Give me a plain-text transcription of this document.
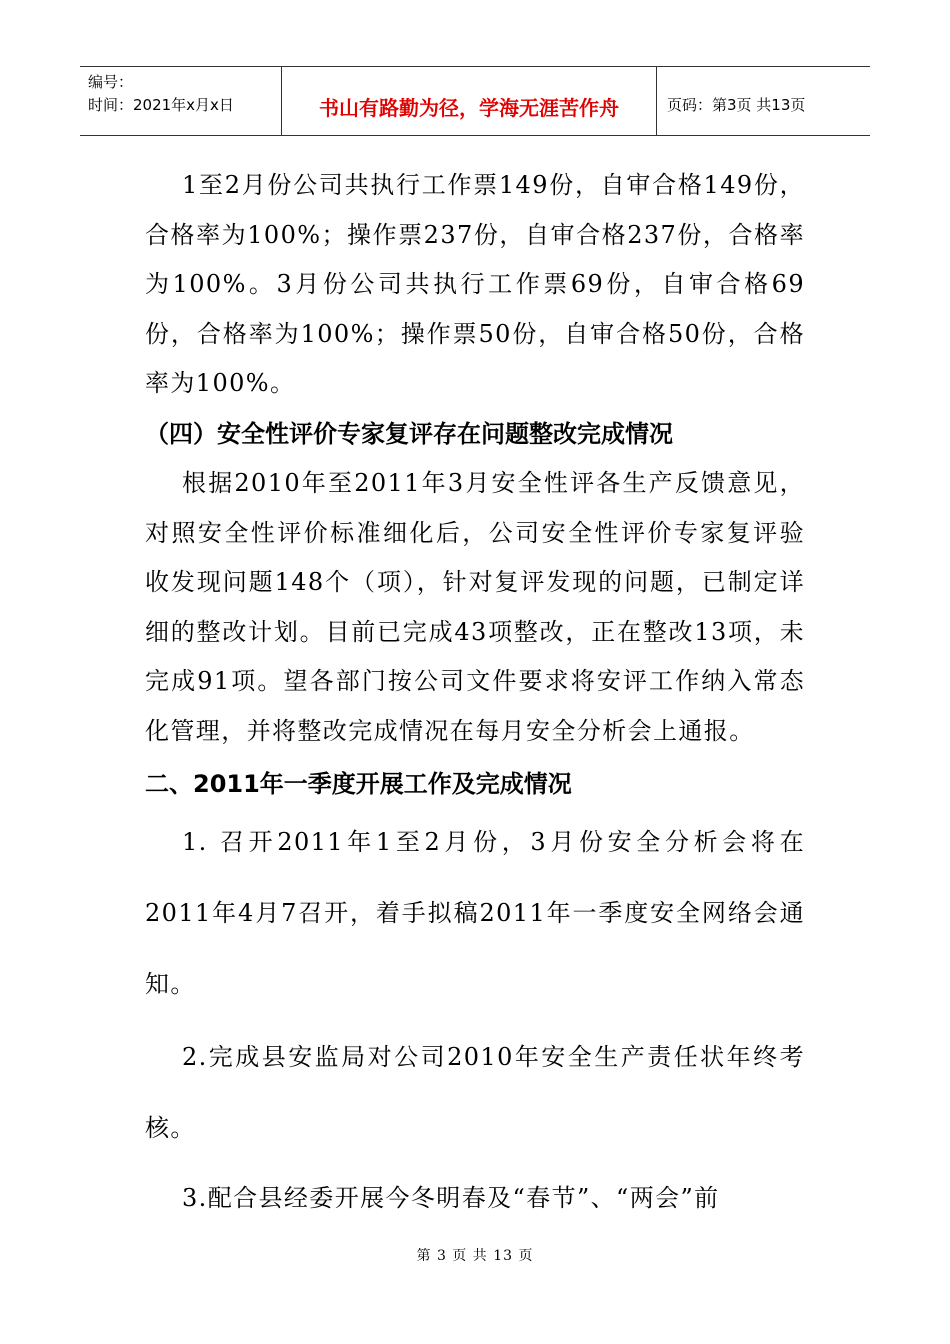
编号：
时间：2021年x月x日	书山有路勤为径，学海无涯苦作舟	页码：第3页 共13页

1至2月份公司共执行工作票149份，自审合格149份，合格率为100%；操作票237份，自审合格237份，合格率为100%。3月份公司共执行工作票69份，自审合格69份，合格率为100%；操作票50份，自审合格50份，合格率为100%。

（四）安全性评价专家复评存在问题整改完成情况

根据2010年至2011年3月安全性评各生产反馈意见，对照安全性评价标准细化后，公司安全性评价专家复评验收发现问题148个（项），针对复评发现的问题，已制定详细的整改计划。目前已完成43项整改，正在整改13项，未完成91项。望各部门按公司文件要求将安评工作纳入常态化管理，并将整改完成情况在每月安全分析会上通报。

二、2011年一季度开展工作及完成情况

1. 召开2011年1至2月份，3月份安全分析会将在2011年4月7召开，着手拟稿2011年一季度安全网络会通知。

2.完成县安监局对公司2010年安全生产责任状年终考核。

3.配合县经委开展今冬明春及“春节”、“两会”前

第 3 页 共 13 页
